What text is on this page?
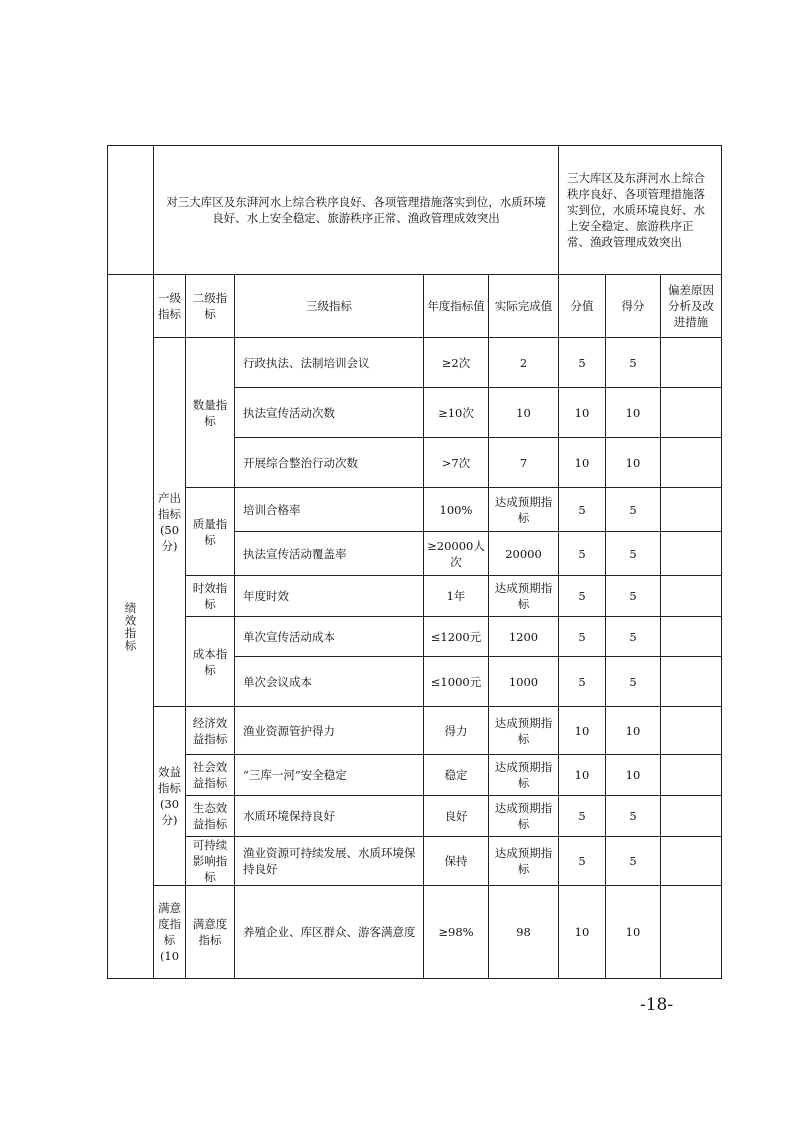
	对三大库区及东湃河水上综合秩序良好、各项管理措施落实到位，水质环境良好、水上安全稳定、旅游秩序正常、渔政管理成效突出					三大库区及东湃河水上综合秩序良好、各项管理措施落实到位，水质环境良好、水上安全稳定、旅游秩序正常、渔政管理成效突出		
绩效指标	一级指标	二级指标	三级指标	年度指标值	实际完成值	分值	得分	偏差原因分析及改进措施
	产出指标(50分)	数量指标	行政执法、法制培训会议	≥2次	2	5	5	
			执法宣传活动次数	≥10次	10	10	10	
			开展综合整治行动次数	>7次	7	10	10	
		质量指标	培训合格率	100%	达成预期指标	5	5	
			执法宣传活动覆盖率	≥20000人次	20000	5	5	
		时效指标	年度时效	1年	达成预期指标	5	5	
		成本指标	单次宣传活动成本	≤1200元	1200	5	5	
			单次会议成本	≤1000元	1000	5	5	
	效益指标(30分)	经济效益指标	渔业资源管护得力	得力	达成预期指标	10	10	
		社会效益指标	“三库一河”安全稳定	稳定	达成预期指标	10	10	
		生态效益指标	水质环境保持良好	良好	达成预期指标	5	5	
		可持续影响指标	渔业资源可持续发展、水质环境保持良好	保持	达成预期指标	5	5	
	满意度指标(10	满意度指标	养殖企业、库区群众、游客满意度	≥98%	98	10	10	
-18-
